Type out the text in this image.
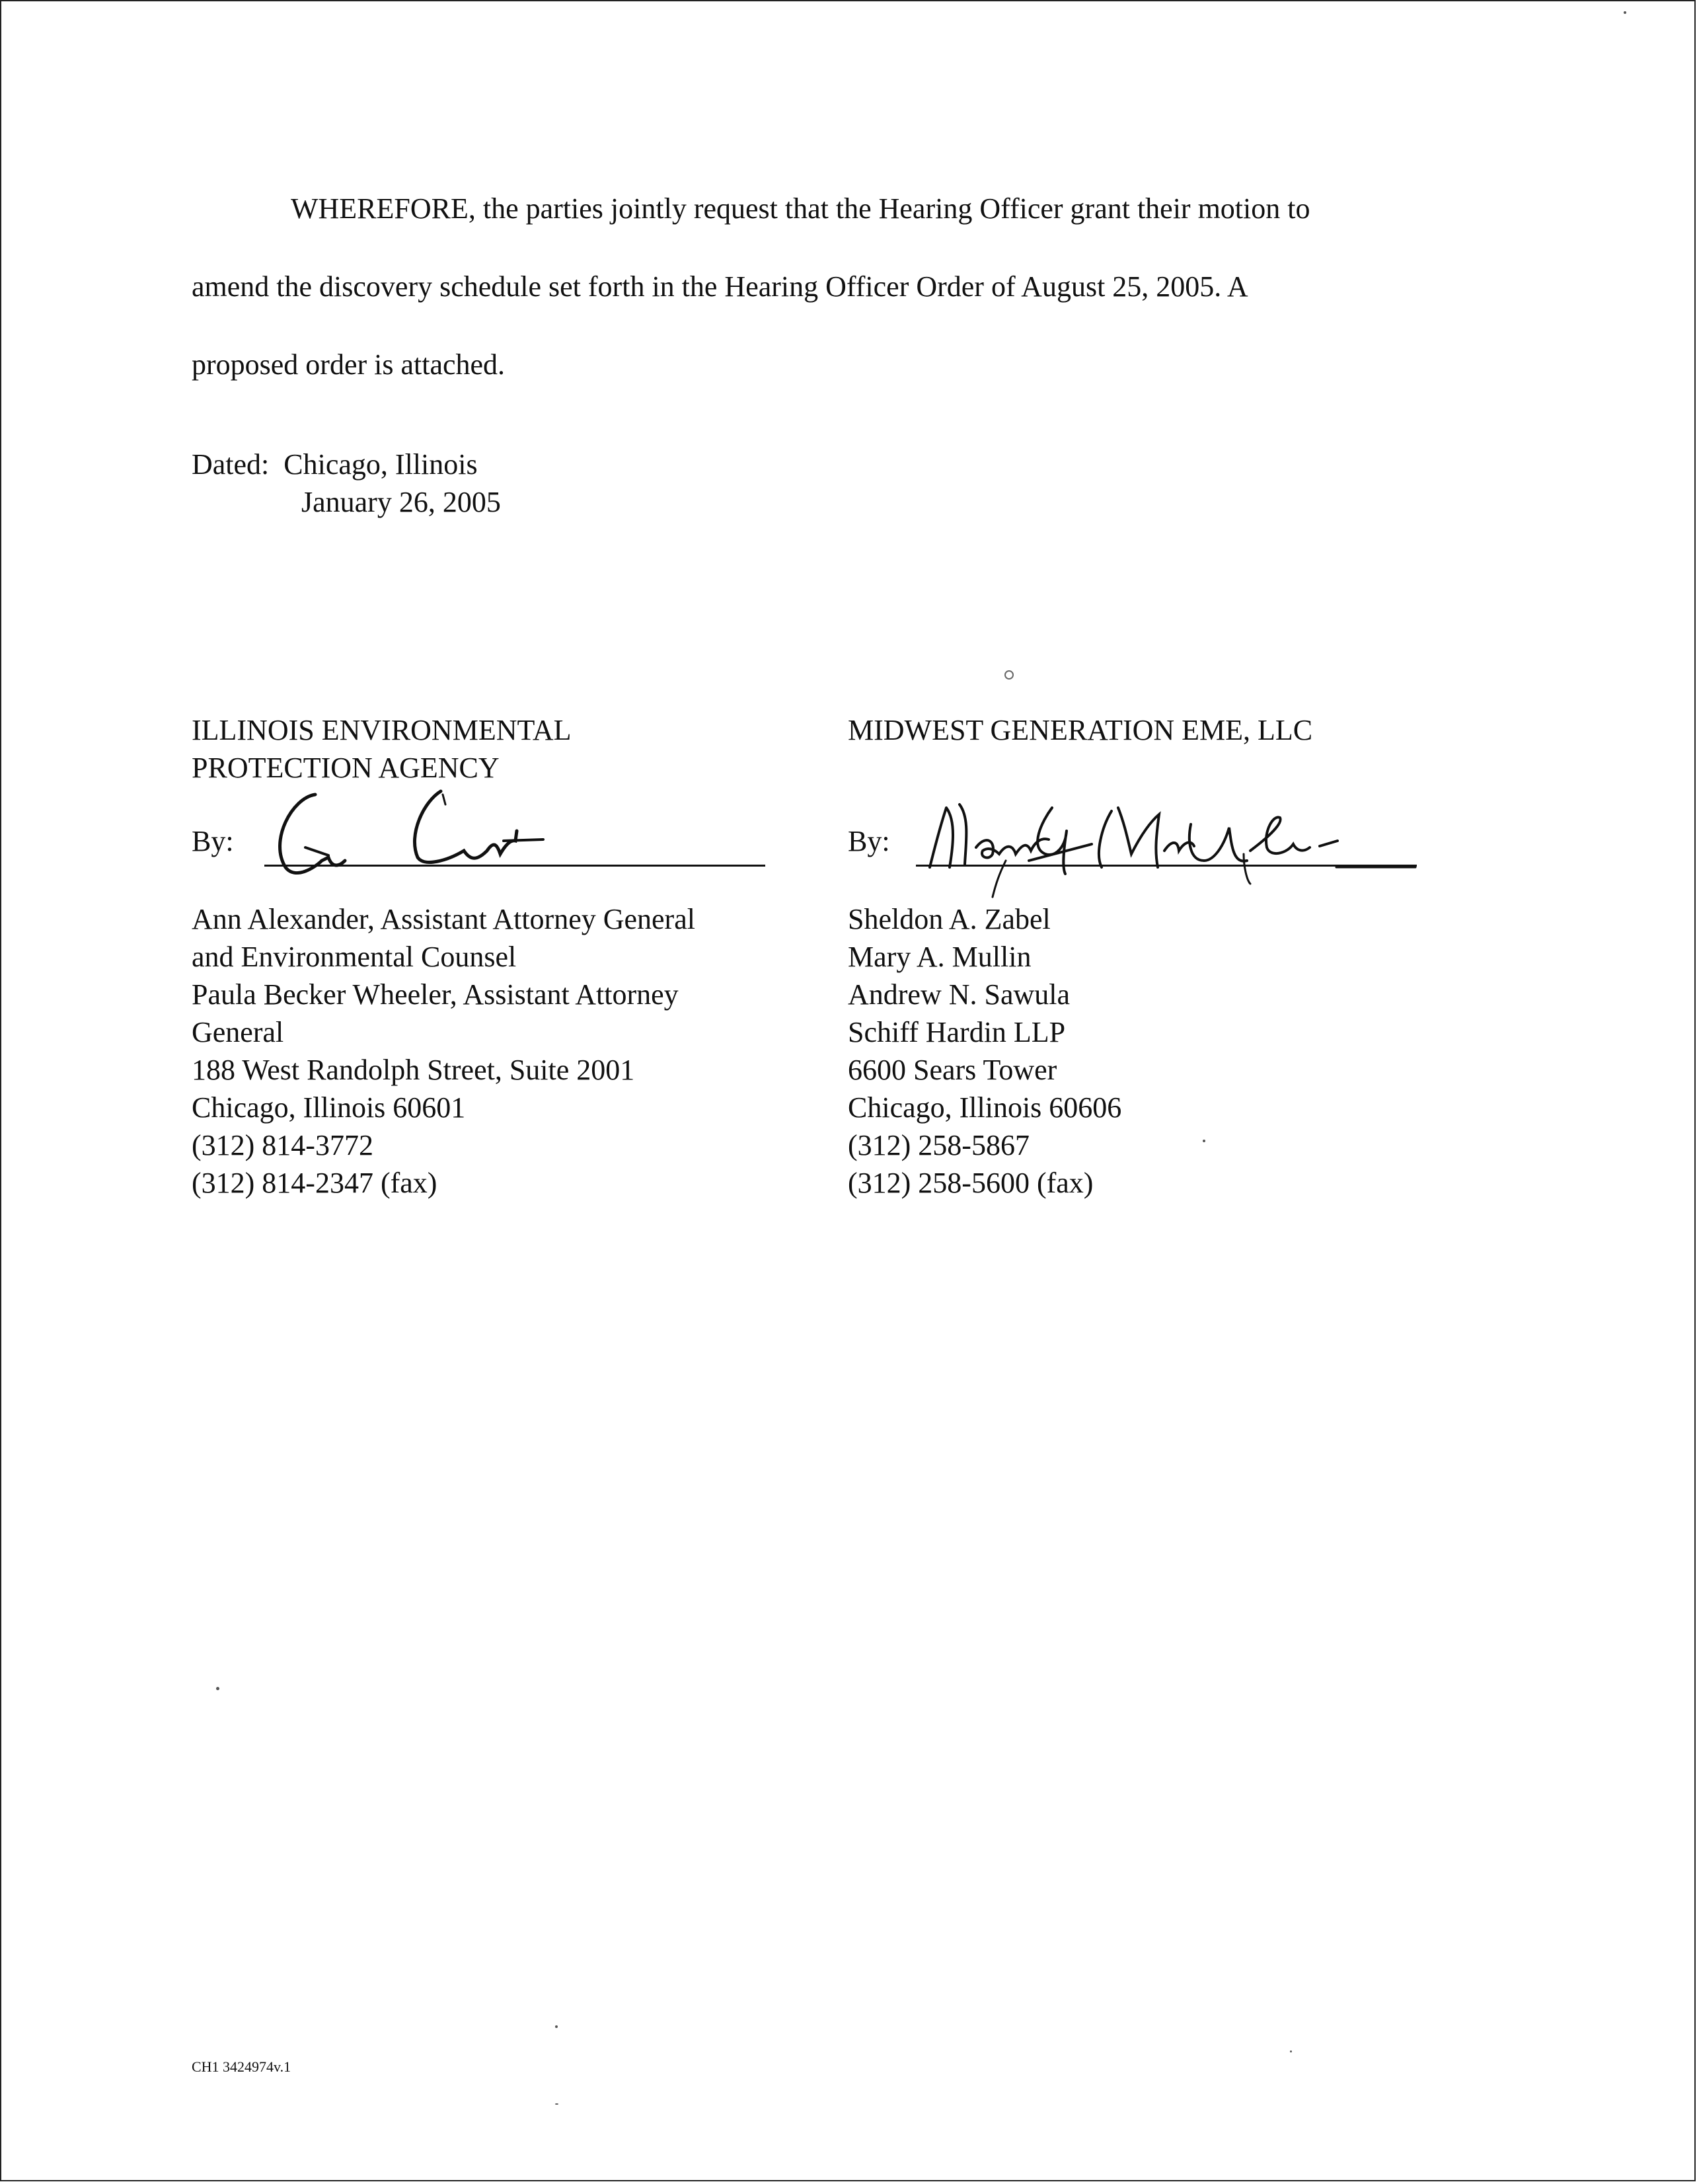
WHEREFORE, the parties jointly request that the Hearing Officer grant their motion to
amend the discovery schedule set forth in the Hearing Officer Order of August 25, 2005. A
proposed order is attached.

Dated: Chicago, Illinois
January 26, 2005
ILLINOIS ENVIRONMENTAL
PROTECTION AGENCY
By:
Ann Alexander, Assistant Attorney General
and Environmental Counsel
Paula Becker Wheeler, Assistant Attorney
General
188 West Randolph Street, Suite 2001
Chicago, Illinois 60601
(312) 814-3772
(312) 814-2347 (fax)
MIDWEST GENERATION EME, LLC
By:
Sheldon A. Zabel
Mary A. Mullin
Andrew N. Sawula
Schiff Hardin LLP
6600 Sears Tower
Chicago, Illinois 60606
(312) 258-5867
(312) 258-5600 (fax)
CH1 3424974v.1
